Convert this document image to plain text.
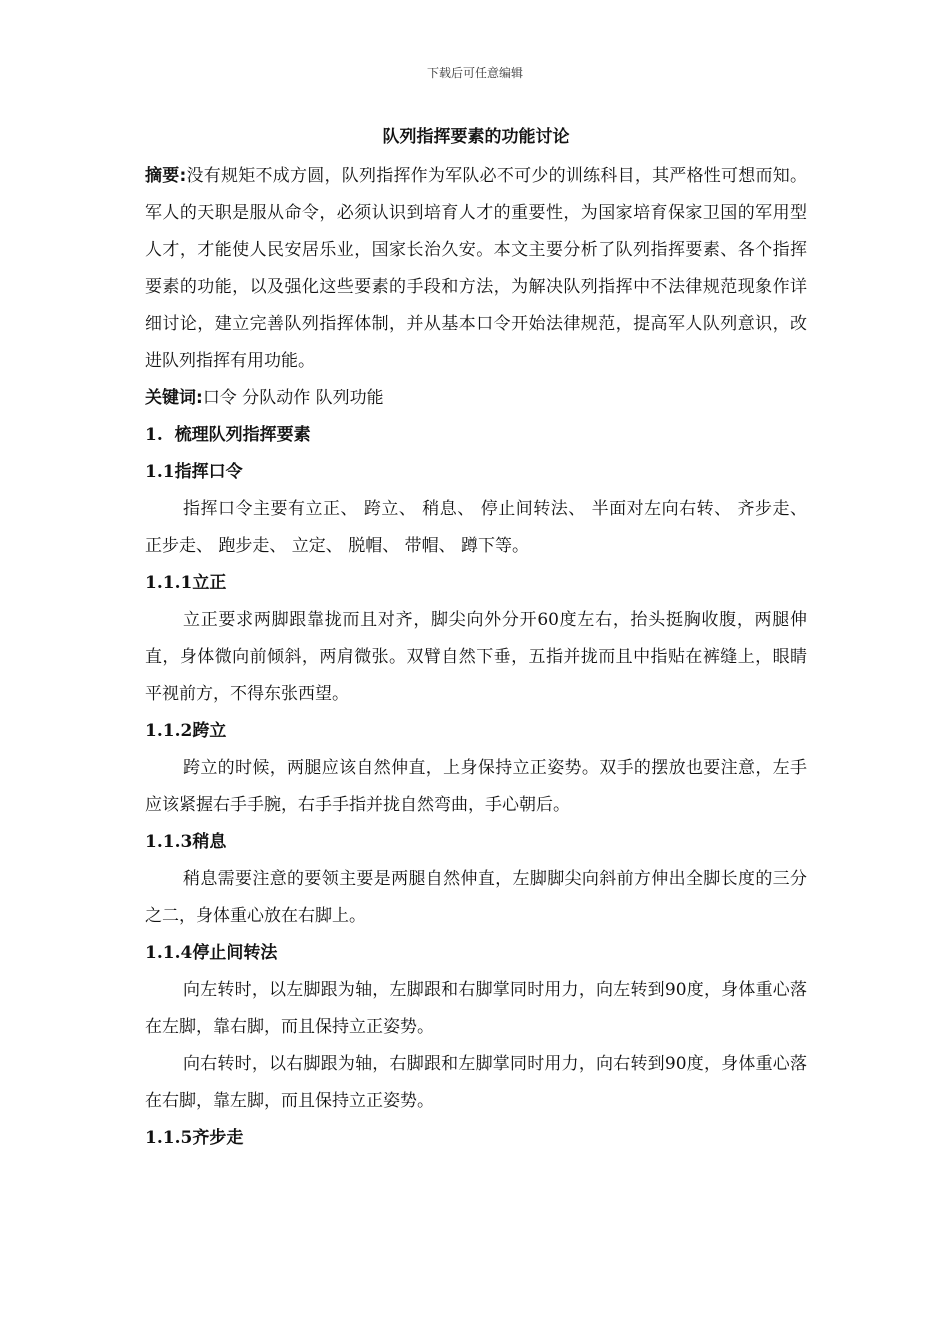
下载后可任意编辑
队列指挥要素的功能讨论

摘要:没有规矩不成方圆，队列指挥作为军队必不可少的训练科目，其严格性可想而知。军人的天职是服从命令，必须认识到培育人才的重要性，为国家培育保家卫国的军用型人才，才能使人民安居乐业，国家长治久安。本文主要分析了队列指挥要素、各个指挥要素的功能，以及强化这些要素的手段和方法，为解决队列指挥中不法律规范现象作详细讨论，建立完善队列指挥体制，并从基本口令开始法律规范，提高军人队列意识，改进队列指挥有用功能。

关键词:口令 分队动作 队列功能

1. 梳理队列指挥要素
1.1指挥口令

指挥口令主要有立正、 跨立、 稍息、 停止间转法、 半面对左向右转、 齐步走、 正步走、 跑步走、 立定、 脱帽、 带帽、 蹲下等。

1.1.1立正

立正要求两脚跟靠拢而且对齐，脚尖向外分开60度左右，抬头挺胸收腹，两腿伸直，身体微向前倾斜，两肩微张。双臂自然下垂，五指并拢而且中指贴在裤缝上，眼睛平视前方，不得东张西望。

1.1.2跨立

跨立的时候，两腿应该自然伸直，上身保持立正姿势。双手的摆放也要注意，左手应该紧握右手手腕，右手手指并拢自然弯曲，手心朝后。

1.1.3稍息

稍息需要注意的要领主要是两腿自然伸直，左脚脚尖向斜前方伸出全脚长度的三分之二，身体重心放在右脚上。

1.1.4停止间转法

向左转时，以左脚跟为轴，左脚跟和右脚掌同时用力，向左转到90度，身体重心落在左脚，靠右脚，而且保持立正姿势。

向右转时，以右脚跟为轴，右脚跟和左脚掌同时用力，向右转到90度，身体重心落在右脚，靠左脚，而且保持立正姿势。

1.1.5齐步走
